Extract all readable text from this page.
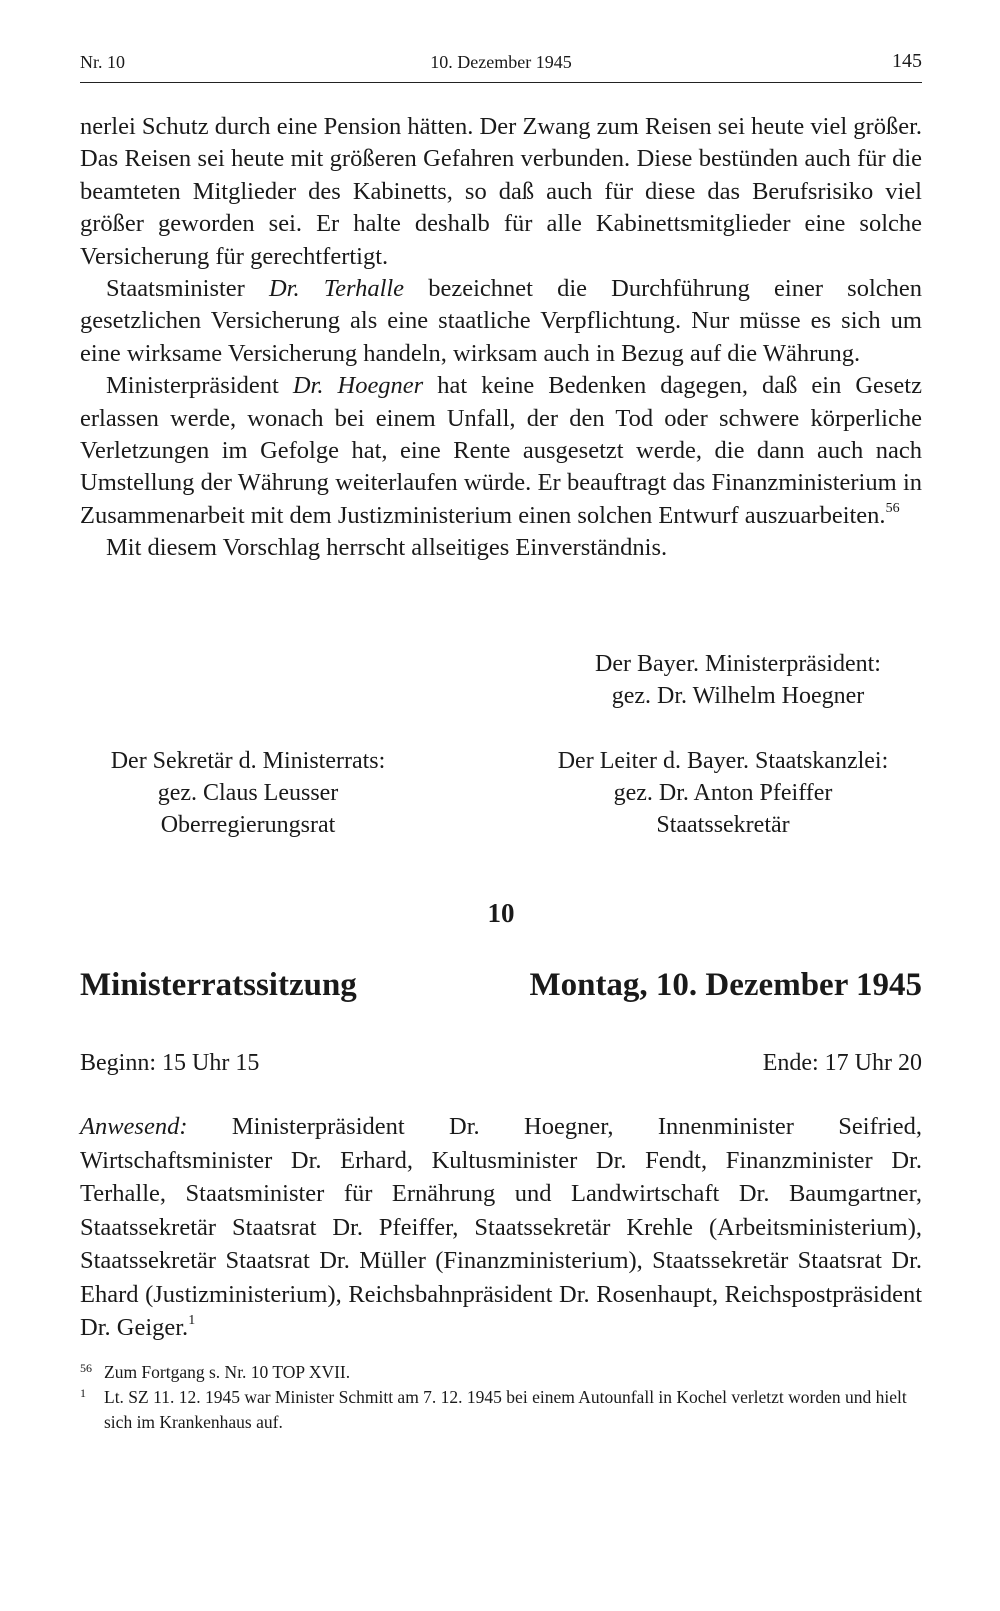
Nr. 10	10. Dezember 1945	145

nerlei Schutz durch eine Pension hätten. Der Zwang zum Reisen sei heute viel größer. Das Reisen sei heute mit größeren Gefahren verbunden. Diese bestünden auch für die beamteten Mitglieder des Kabinetts, so daß auch für diese das Berufsrisiko viel größer geworden sei. Er halte deshalb für alle Kabinettsmitglieder eine solche Versicherung für gerechtfertigt.

Staatsminister Dr. Terhalle bezeichnet die Durchführung einer solchen gesetzlichen Versicherung als eine staatliche Verpflichtung. Nur müsse es sich um eine wirksame Versicherung handeln, wirksam auch in Bezug auf die Währung.

Ministerpräsident Dr. Hoegner hat keine Bedenken dagegen, daß ein Gesetz erlassen werde, wonach bei einem Unfall, der den Tod oder schwere körperliche Verletzungen im Gefolge hat, eine Rente ausgesetzt werde, die dann auch nach Umstellung der Währung weiterlaufen würde. Er beauftragt das Finanzministerium in Zusammenarbeit mit dem Justizministerium einen solchen Entwurf auszuarbeiten.$^{56}$

Mit diesem Vorschlag herrscht allseitiges Einverständnis.

Der Bayer. Ministerpräsident:
gez. Dr. Wilhelm Hoegner
Der Sekretär d. Ministerrats:
gez. Claus Leusser
Oberregierungsrat
Der Leiter d. Bayer. Staatskanzlei:
gez. Dr. Anton Pfeiffer
Staatssekretär
10
Ministerratssitzung	Montag, 10. Dezember 1945
Beginn: 15 Uhr 15	Ende: 17 Uhr 20

Anwesend: Ministerpräsident Dr. Hoegner, Innenminister Seifried, Wirtschaftsminister Dr. Erhard, Kultusminister Dr. Fendt, Finanzminister Dr. Terhalle, Staatsminister für Ernährung und Landwirtschaft Dr. Baumgartner, Staatssekretär Staatsrat Dr. Pfeiffer, Staatssekretär Krehle (Arbeitsministerium), Staatssekretär Staatsrat Dr. Müller (Finanzministerium), Staatssekretär Staatsrat Dr. Ehard (Justizministerium), Reichsbahnpräsident Dr. Rosenhaupt, Reichspostpräsident Dr. Geiger.$^1$

56 Zum Fortgang s. Nr. 10 TOP XVII.
1 Lt. SZ 11. 12. 1945 war Minister Schmitt am 7. 12. 1945 bei einem Autounfall in Kochel verletzt worden und hielt sich im Krankenhaus auf.
